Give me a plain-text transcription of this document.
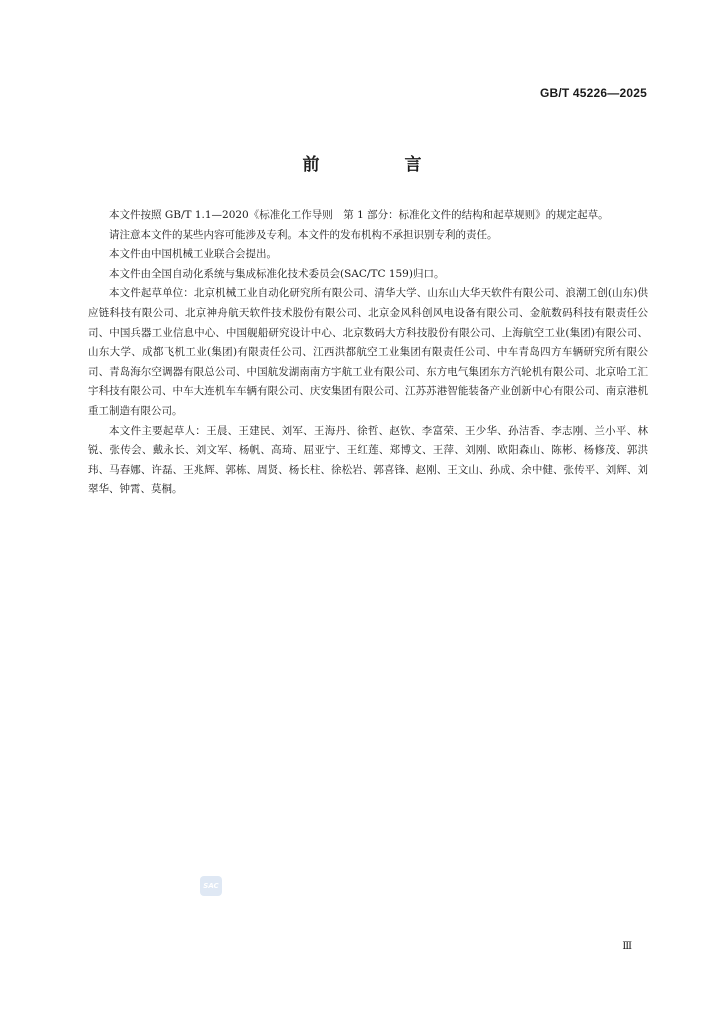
GB/T 45226—2025
前　言

本文件按照 GB/T 1.1—2020《标准化工作导则　第 1 部分：标准化文件的结构和起草规则》的规定起草。

请注意本文件的某些内容可能涉及专利。本文件的发布机构不承担识别专利的责任。

本文件由中国机械工业联合会提出。

本文件由全国自动化系统与集成标准化技术委员会(SAC/TC 159)归口。

本文件起草单位：北京机械工业自动化研究所有限公司、清华大学、山东山大华天软件有限公司、浪潮工创(山东)供应链科技有限公司、北京神舟航天软件技术股份有限公司、北京金风科创风电设备有限公司、金航数码科技有限责任公司、中国兵器工业信息中心、中国舰船研究设计中心、北京数码大方科技股份有限公司、上海航空工业(集团)有限公司、山东大学、成都飞机工业(集团)有限责任公司、江西洪都航空工业集团有限责任公司、中车青岛四方车辆研究所有限公司、青岛海尔空调器有限总公司、中国航发湖南南方宇航工业有限公司、东方电气集团东方汽轮机有限公司、北京哈工汇宇科技有限公司、中车大连机车车辆有限公司、庆安集团有限公司、江苏苏港智能装备产业创新中心有限公司、南京港机重工制造有限公司。

本文件主要起草人：王晨、王建民、刘军、王海丹、徐哲、赵钦、李富荣、王少华、孙洁香、李志刚、兰小平、林锐、张传会、戴永长、刘文军、杨帆、高琦、屈亚宁、王红莲、郑博文、王萍、刘刚、欧阳森山、陈彬、杨修茂、郭洪玮、马春娜、许磊、王兆辉、郭栋、周贤、杨长柱、徐松岩、郭喜锋、赵刚、王文山、孙成、余中健、张传平、刘辉、刘翠华、钟霄、莫桐。

SAC
Ⅲ
